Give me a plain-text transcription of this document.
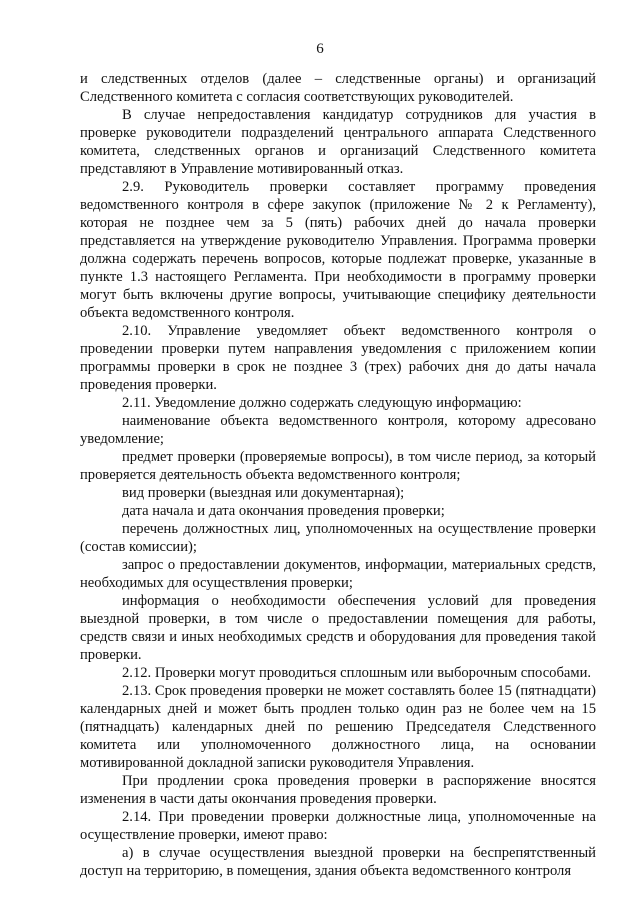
6

и следственных отделов (далее – следственные органы) и организаций Следственного комитета с согласия соответствующих руководителей.

В случае непредоставления кандидатур сотрудников для участия в проверке руководители подразделений центрального аппарата Следственного комитета, следственных органов и организаций Следственного комитета представляют в Управление мотивированный отказ.

2.9. Руководитель проверки составляет программу проведения ведомственного контроля в сфере закупок (приложение № 2 к Регламенту), которая не позднее чем за 5 (пять) рабочих дней до начала проверки представляется на утверждение руководителю Управления. Программа проверки должна содержать перечень вопросов, которые подлежат проверке, указанные в пункте 1.3 настоящего Регламента. При необходимости в программу проверки могут быть включены другие вопросы, учитывающие специфику деятельности объекта ведомственного контроля.

2.10. Управление уведомляет объект ведомственного контроля о проведении проверки путем направления уведомления с приложением копии программы проверки в срок не позднее 3 (трех) рабочих дня до даты начала проведения проверки.

2.11. Уведомление должно содержать следующую информацию:

наименование объекта ведомственного контроля, которому адресовано уведомление;

предмет проверки (проверяемые вопросы), в том числе период, за который проверяется деятельность объекта ведомственного контроля;

вид проверки (выездная или документарная);

дата начала и дата окончания проведения проверки;

перечень должностных лиц, уполномоченных на осуществление проверки (состав комиссии);

запрос о предоставлении документов, информации, материальных средств, необходимых для осуществления проверки;

информация о необходимости обеспечения условий для проведения выездной проверки, в том числе о предоставлении помещения для работы, средств связи и иных необходимых средств и оборудования для проведения такой проверки.

2.12. Проверки могут проводиться сплошным или выборочным способами.

2.13. Срок проведения проверки не может составлять более 15 (пятнадцати) календарных дней и может быть продлен только один раз не более чем на 15 (пятнадцать) календарных дней по решению Председателя Следственного комитета или уполномоченного должностного лица, на основании мотивированной докладной записки руководителя Управления.

При продлении срока проведения проверки в распоряжение вносятся изменения в части даты окончания проведения проверки.

2.14. При проведении проверки должностные лица, уполномоченные на осуществление проверки, имеют право:

а) в случае осуществления выездной проверки на беспрепятственный доступ на территорию, в помещения, здания объекта ведомственного контроля
